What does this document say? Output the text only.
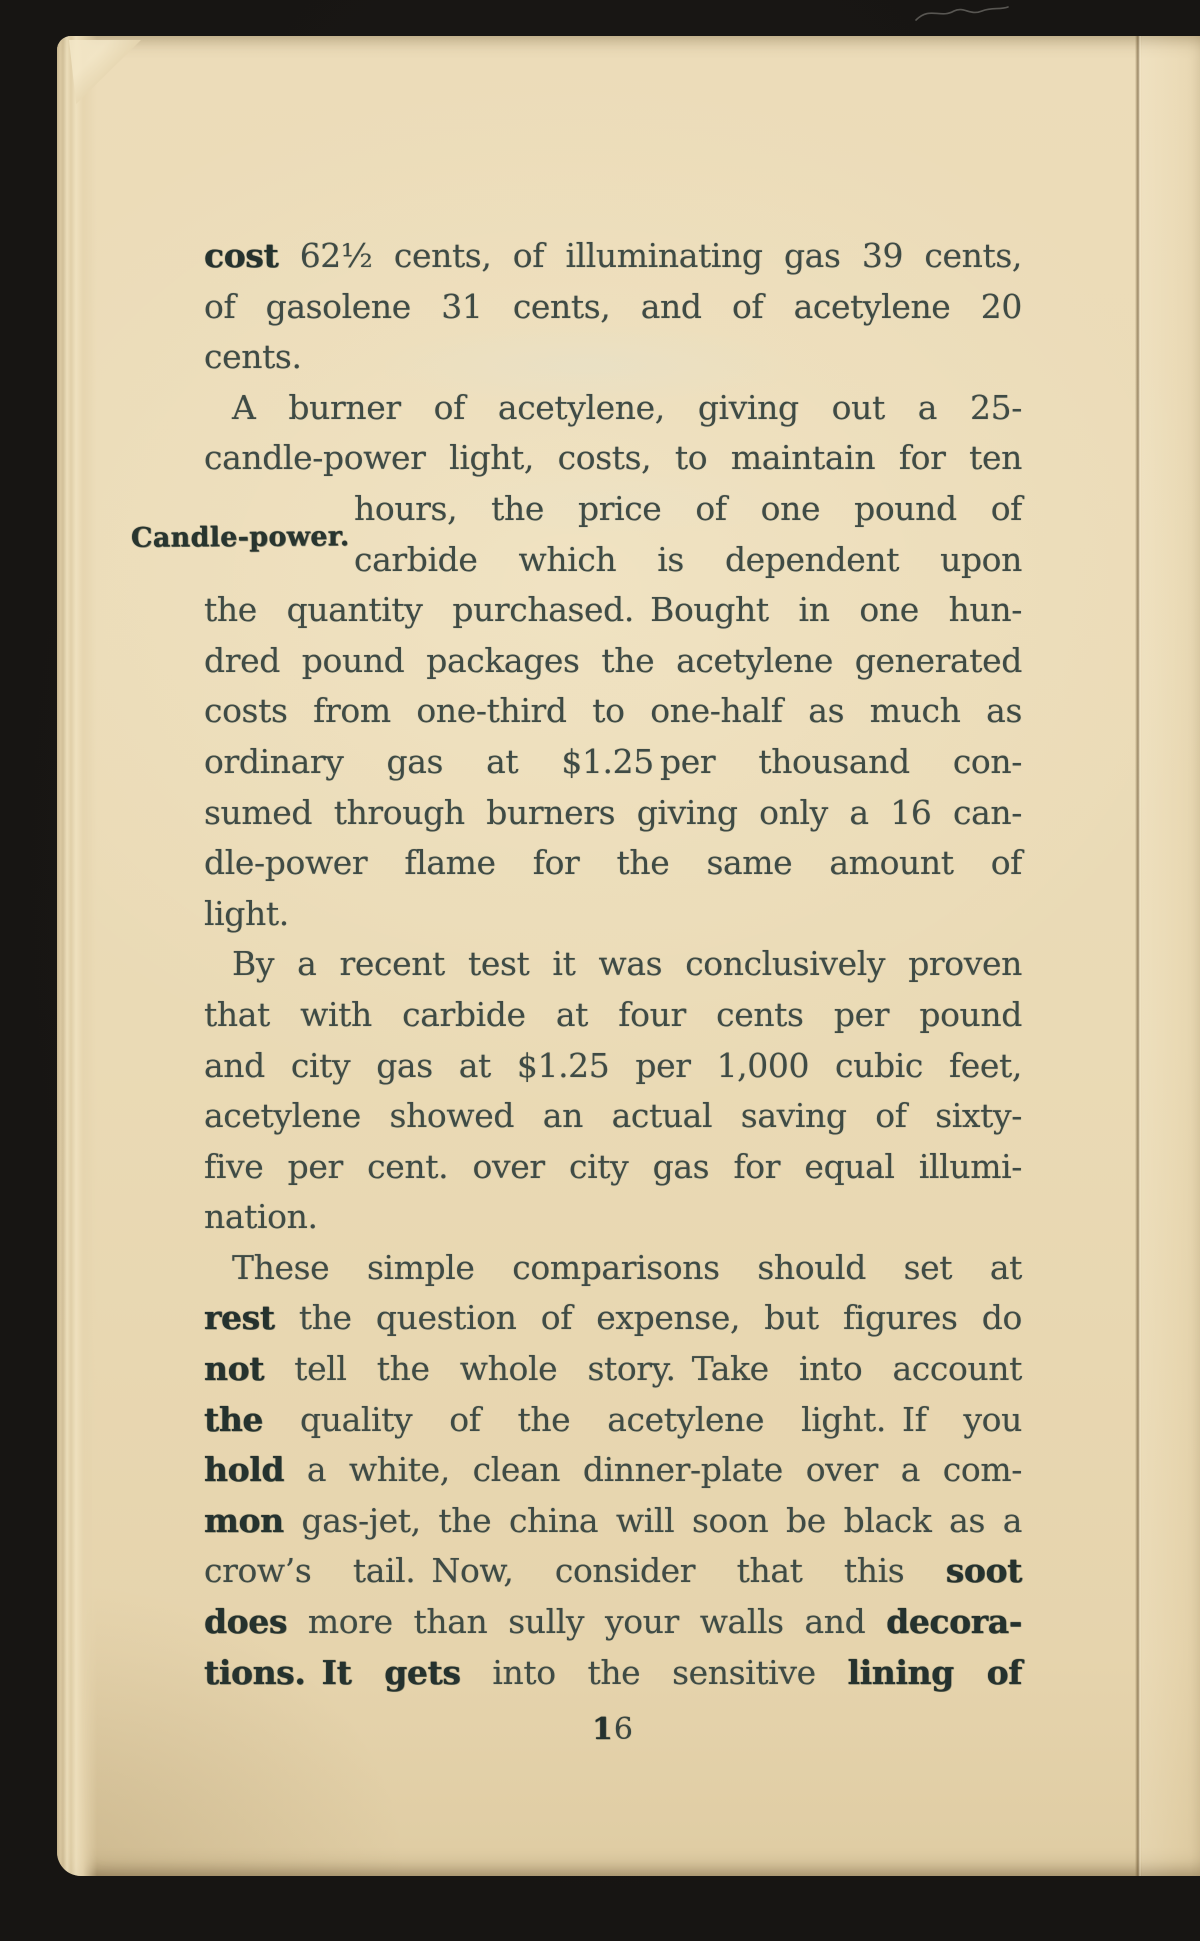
Candle-power.
cost 62½ cents, of illuminating gas 39 cents,
of gasolene 31 cents, and of acetylene 20
cents.
A burner of acetylene, giving out a 25-
candle-power light, costs, to maintain for ten
hours, the price of one pound of
carbide which is dependent upon
the quantity purchased. Bought in one hun-
dred pound packages the acetylene generated
costs from one-third to one-half as much as
ordinary gas at $1.25 per thousand con-
sumed through burners giving only a 16 can-
dle-power flame for the same amount of
light.
By a recent test it was conclusively proven
that with carbide at four cents per pound
and city gas at $1.25 per 1,000 cubic feet,
acetylene showed an actual saving of sixty-
five per cent. over city gas for equal illumi-
nation.
These simple comparisons should set at
rest the question of expense, but figures do
not tell the whole story. Take into account
the quality of the acetylene light. If you
hold a white, clean dinner-plate over a com-
mon gas-jet, the china will soon be black as a
crow’s tail. Now, consider that this soot
does more than sully your walls and decora-
tions. It gets into the sensitive lining of
16
